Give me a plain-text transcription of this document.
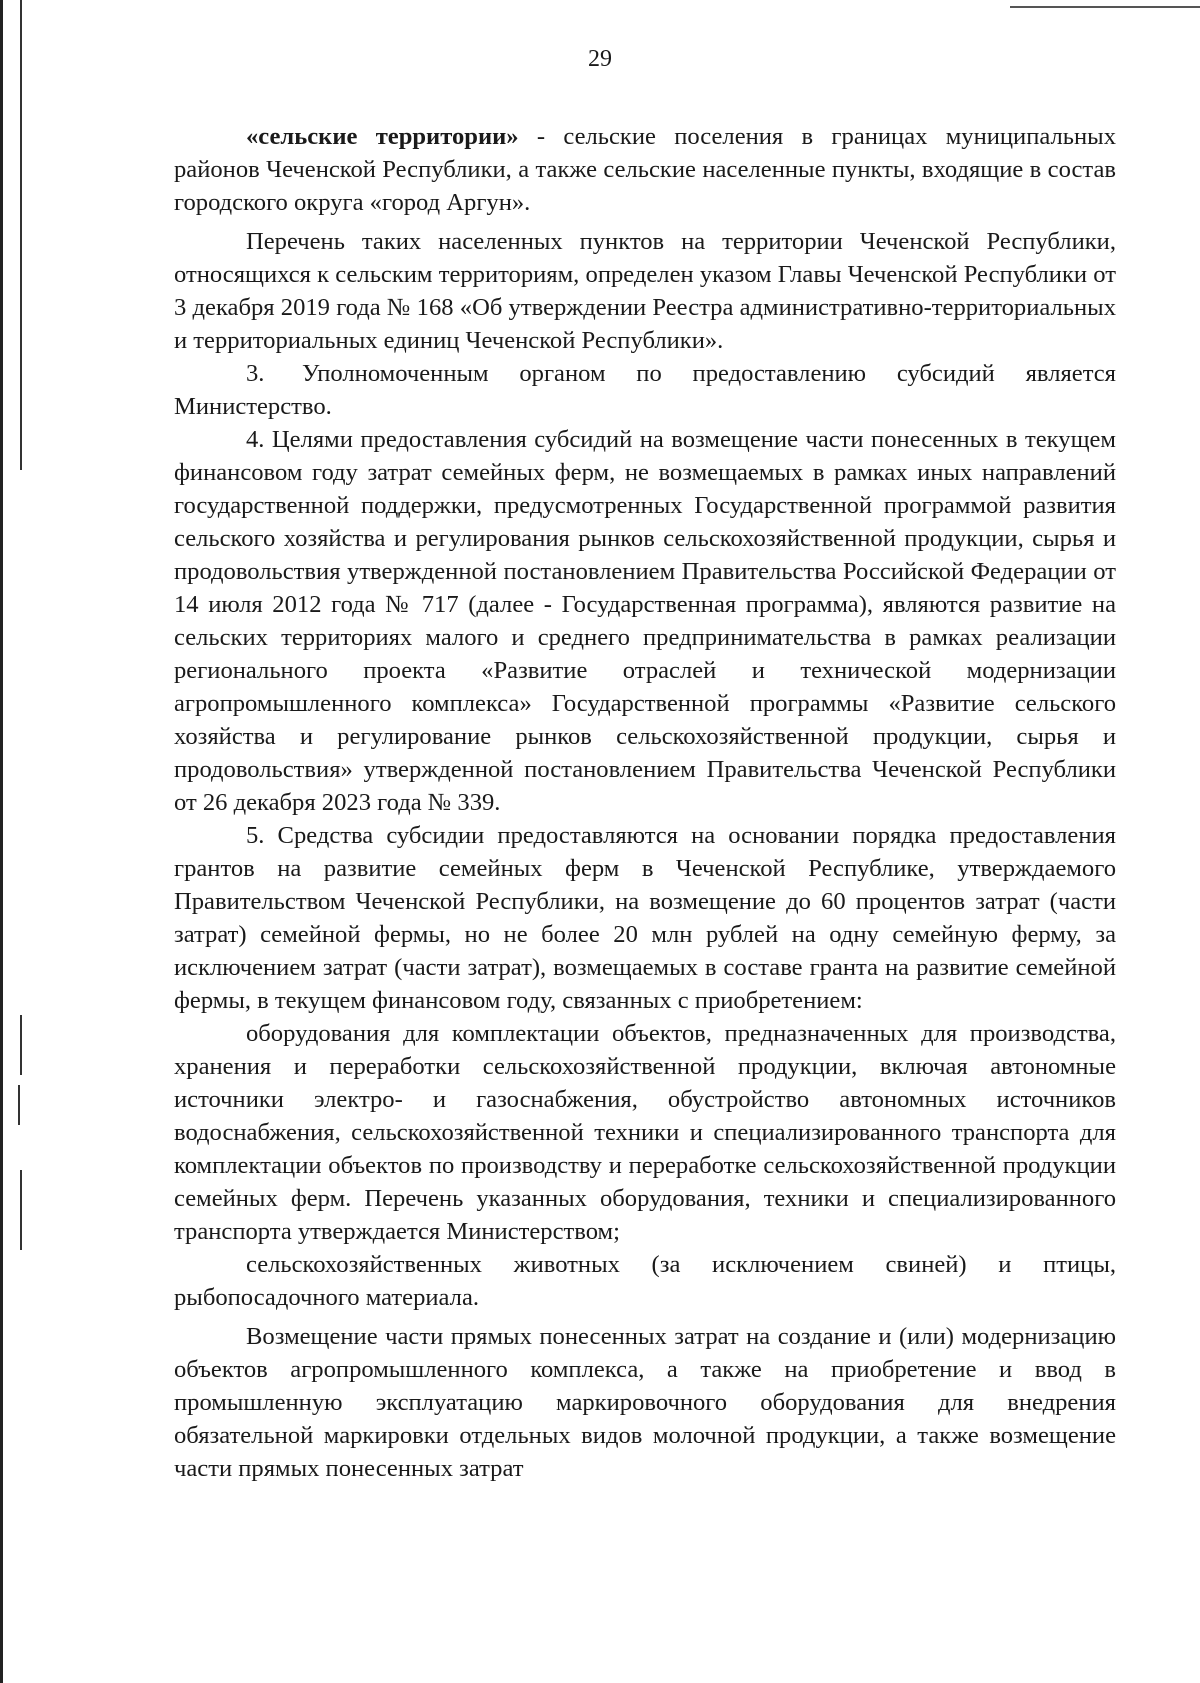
29

«сельские территории» - сельские поселения в границах муниципальных районов Чеченской Республики, а также сельские населенные пункты, входящие в состав городского округа «город Аргун».

Перечень таких населенных пунктов на территории Чеченской Республики, относящихся к сельским территориям, определен указом Главы Чеченской Республики от 3 декабря 2019 года № 168 «Об утверждении Реестра административно-территориальных и территориальных единиц Чеченской Республики».

3. Уполномоченным органом по предоставлению субсидий является Министерство.

4. Целями предоставления субсидий на возмещение части понесенных в текущем финансовом году затрат семейных ферм, не возмещаемых в рамках иных направлений государственной поддержки, предусмотренных Государственной программой развития сельского хозяйства и регулирования рынков сельскохозяйственной продукции, сырья и продовольствия утвержденной постановлением Правительства Российской Федерации от 14 июля 2012 года № 717 (далее - Государственная программа), являются развитие на сельских территориях малого и среднего предпринимательства в рамках реализации регионального проекта «Развитие отраслей и технической модернизации агропромышленного комплекса» Государственной программы «Развитие сельского хозяйства и регулирование рынков сельскохозяйственной продукции, сырья и продовольствия» утвержденной постановлением Правительства Чеченской Республики от 26 декабря 2023 года № 339.

5. Средства субсидии предоставляются на основании порядка предоставления грантов на развитие семейных ферм в Чеченской Республике, утверждаемого Правительством Чеченской Республики, на возмещение до 60 процентов затрат (части затрат) семейной фермы, но не более 20 млн рублей на одну семейную ферму, за исключением затрат (части затрат), возмещаемых в составе гранта на развитие семейной фермы, в текущем финансовом году, связанных с приобретением:

оборудования для комплектации объектов, предназначенных для производства, хранения и переработки сельскохозяйственной продукции, включая автономные источники электро- и газоснабжения, обустройство автономных источников водоснабжения, сельскохозяйственной техники и специализированного транспорта для комплектации объектов по производству и переработке сельскохозяйственной продукции семейных ферм. Перечень указанных оборудования, техники и специализированного транспорта утверждается Министерством;

сельскохозяйственных животных (за исключением свиней) и птицы, рыбопосадочного материала.

Возмещение части прямых понесенных затрат на создание и (или) модернизацию объектов агропромышленного комплекса, а также на приобретение и ввод в промышленную эксплуатацию маркировочного оборудования для внедрения обязательной маркировки отдельных видов молочной продукции, а также возмещение части прямых понесенных затрат
